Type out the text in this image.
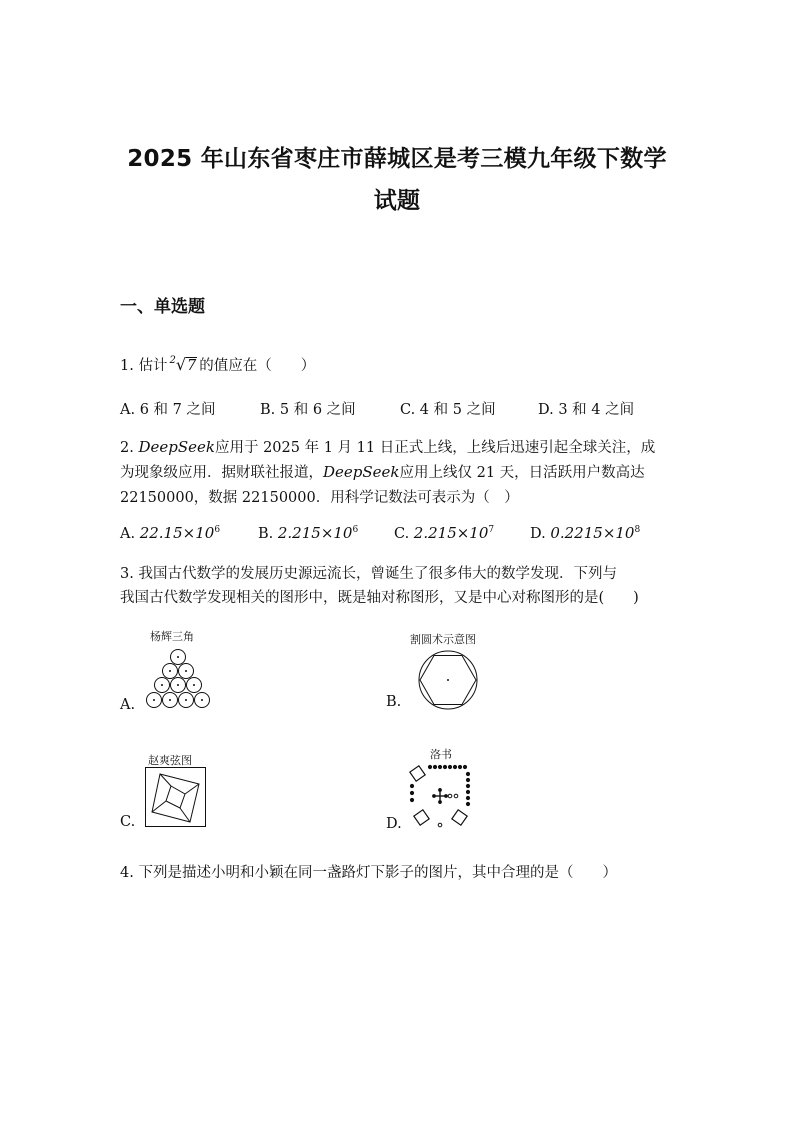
2025 年山东省枣庄市薛城区是考三模九年级下数学
试题
一、单选题
1. 估计 $^2$√7 的值应在（　　）
A. 6 和 7 之间	B. 5 和 6 之间	C. 4 和 5 之间	D. 3 和 4 之间
2. DeepSeek应用于 2025 年 1 月 11 日正式上线，上线后迅速引起全球关注，成
为现象级应用．据财联社报道，DeepSeek应用上线仅 21 天，日活跃用户数高达
22150000，数据 22150000．用科学记数法可表示为（　）
A. $22.15\times 10^6$	B. $2.215\times 10^6$ C. $2.215\times 10^7$ D. $0.2215\times 10^8$
3. 我国古代数学的发展历史源远流长，曾诞生了很多伟大的数学发现．下列与
我国古代数学发现相关的图形中，既是轴对称图形，又是中心对称图形的是(　　)
杨辉三角
A.
割圆术示意图
B.
赵爽弦图
C.
洛书
D.
4. 下列是描述小明和小颖在同一盏路灯下影子的图片，其中合理的是（　　）
